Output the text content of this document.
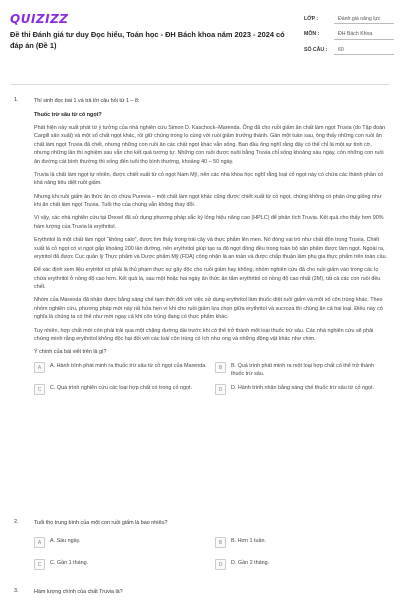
QUIZIZZ
Đề thi Đánh giá tư duy Đọc hiểu, Toán học - ĐH Bách khoa năm 2023 - 2024 có đáp án (Đề 1)
LỚP :	Đánh giá năng lực
MÔN :	ĐH Bách Khoa
SỐ CÂU :	60
1.	Thí sinh đọc bài 1 và trả lời câu hỏi từ 1 – 8:
Thuốc trừ sâu từ cỏ ngọt?
Phát hiện này xuất phát từ ý tưởng của nhà nghiên cứu Simon D. Kaschock–Marenda. Ông đã cho ruồi giấm ăn chất làm ngọt Truvia (do Tập đoàn Cargill sản xuất) và một số chất ngọt khác, rồi giữ chúng trong lọ cùng với ruồi giấm trưởng thành. Gần một tuần sau, ông thấy những con ruồi ăn chất làm ngọt Truvia đã chết, nhưng những con ruồi ăn các chất ngọt khác vẫn sống. Ban đầu ông nghĩ rằng đây có thể chỉ là một sự tình cờ, nhưng những lần thí nghiệm sau vẫn cho kết quả tương tự. Những con ruồi được nuôi bằng Truvia chỉ sống khoảng sáu ngày, còn những con ruồi ăn đường cát bình thường thì sống đến tuổi thọ bình thường, khoảng 40 – 50 ngày.
Truvia là chất làm ngọt tự nhiên, được chiết xuất từ cỏ ngọt Nam Mỹ, nên các nhà khoa học nghĩ rằng loại cỏ ngọt này có chứa các thành phần có khả năng tiêu diệt ruồi giấm.
Nhưng khi ruồi giấm ăn thức ăn có chứa Purevia – một chất làm ngọt khác cũng được chiết xuất từ cỏ ngọt, chúng không có phản ứng giống như khi ăn chất làm ngọt Truvia. Tuổi thọ của chúng vẫn không thay đổi.
Vì vậy, các nhà nghiên cứu tại Drexel đã sử dụng phương pháp sắc ký lỏng hiệu năng cao (HPLC) để phân tích Truvia. Kết quả cho thấy hơn 90% hàm lượng của Truvia là erythritol.
Erythritol là một chất làm ngọt “không calo”, được tìm thấy trong trái cây và thực phẩm lên men. Nó đóng vai trò như chất độn trong Truvia. Chiết xuất lá cỏ ngọt có vị ngọt gấp khoảng 200 lần đường, nên erythritol giúp tạo ra độ ngọt đồng đều trong toàn bộ sản phẩm được làm ngọt. Ngoài ra, erytritol đã được Cục quản lý Thực phẩm và Dược phẩm Mỹ (FDA) công nhận là an toàn và được chấp thuận làm phụ gia thực phẩm trên toàn cầu.
Để xác định xem liệu erytritol có phải là thủ phạm thực sự gây độc cho ruồi giấm hay không, nhóm nghiên cứu đã cho ruồi giấm vào trong các lọ chứa erythritol ở nồng độ cao hơn. Kết quả là, sau một hoặc hai ngày ăn thức ăn tẩm erythritol có nồng độ cao nhất (2M), tất cả các con ruồi đều chết.
Nhóm của Marenda đã nhận được bằng sáng chế tạm thời đối với việc sử dụng erythritol làm thuốc diệt ruồi giấm và một số côn trùng khác. Theo nhóm nghiên cứu, phương pháp mới này rất hứa hẹn vì khi cho ruồi giấm lựa chọn giữa erythritol và sucroza thì chúng ăn cả hai loại. Điều này có nghĩa là chúng ta có thể như mời ngay cả khi côn trùng đang có thực phẩm khác.
Tuy nhiên, hợp chất mới còn phải trải qua một chặng đường dài trước khi có thể trở thành một loại thuốc trừ sâu. Các nhà nghiên cứu sẽ phải chứng minh rằng erythritol không độc hại đối với các loài côn trùng có ích như ong và những động vật khác như chim.
Ý chính của bài viết trên là gì?
A	A. Hành trình phát minh ra thuốc trừ sâu từ cỏ ngọt của Marenda.	B	B. Quá trình phát minh ra một loại hợp chất có thể trở thành thuốc trừ sâu.
C	C. Quá trình nghiên cứu các loại hợp chất có trong cỏ ngọt.	D	D. Hành trình nhận bằng sáng chế thuốc trừ sâu từ cỏ ngọt.
2.	Tuổi thọ trung bình của một con ruồi giấm là bao nhiêu?
A	A. Sáu ngày.	B	B. Hơn 1 tuần.
C	C. Gần 1 tháng.	D	D. Gần 2 tháng.
3.	Hàm lượng chính của chất Truvia là?
